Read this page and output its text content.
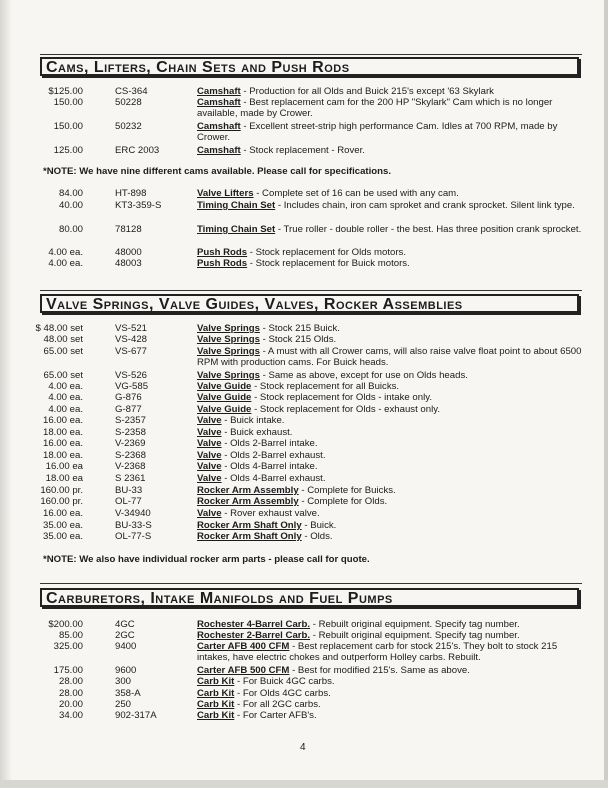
Cams, Lifters, Chain Sets and Push Rods
$125.00	CS-364	Camshaft - Production for all Olds and Buick 215's except '63 Skylark
150.00	50228	Camshaft - Best replacement cam for the 200 HP "Skylark" Cam which is no longer available, made by Crower.
150.00	50232	Camshaft - Excellent street-strip high performance Cam. Idles at 700 RPM, made by Crower.
125.00	ERC 2003	Camshaft - Stock replacement - Rover.
*NOTE: We have nine different cams available. Please call for specifications.
84.00	HT-898	Valve Lifters - Complete set of 16 can be used with any cam.
40.00	KT3-359-S	Timing Chain Set - Includes chain, iron cam sproket and crank sprocket. Silent link type.
80.00	78128	Timing Chain Set - True roller - double roller - the best. Has three position crank sprocket.
4.00 ea.	48000	Push Rods - Stock replacement for Olds motors.
4.00 ea.	48003	Push Rods - Stock replacement for Buick motors.
Valve Springs, Valve Guides, Valves, Rocker Assemblies
$ 48.00 set	VS-521	Valve Springs - Stock 215 Buick.
48.00 set	VS-428	Valve Springs - Stock 215 Olds.
65.00 set	VS-677	Valve Springs - A must with all Crower cams, will also raise valve float point to about 6500 RPM with production cams. For Buick heads.
65.00 set	VS-526	Valve Springs - Same as above, except for use on Olds heads.
4.00 ea.	VG-585	Valve Guide - Stock replacement for all Buicks.
4.00 ea.	G-876	Valve Guide - Stock replacement for Olds - intake only.
4.00 ea.	G-877	Valve Guide - Stock replacement for Olds - exhaust only.
16.00 ea.	S-2357	Valve - Buick intake.
18.00 ea.	S-2358	Valve - Buick exhaust.
16.00 ea.	V-2369	Valve - Olds 2-Barrel intake.
18.00 ea.	S-2368	Valve - Olds 2-Barrel exhaust.
16.00 ea	V-2368	Valve - Olds 4-Barrel intake.
18.00 ea	S 2361	Valve - Olds 4-Barrel exhaust.
160.00 pr.	BU-33	Rocker Arm Assembly - Complete for Buicks.
160.00 pr.	OL-77	Rocker Arm Assembly - Complete for Olds.
16.00 ea.	V-34940	Valve - Rover exhaust valve.
35.00 ea.	BU-33-S	Rocker Arm Shaft Only - Buick.
35.00 ea.	OL-77-S	Rocker Arm Shaft Only - Olds.
*NOTE: We also have individual rocker arm parts - please call for quote.
Carburetors, Intake Manifolds and Fuel Pumps
$200.00	4GC	Rochester 4-Barrel Carb. - Rebuilt original equipment. Specify tag number.
85.00	2GC	Rochester 2-Barrel Carb. - Rebuilt original equipment. Specify tag number.
325.00	9400	Carter AFB 400 CFM - Best replacement carb for stock 215's. They bolt to stock 215 intakes, have electric chokes and outperform Holley carbs. Rebuilt.
175.00	9600	Carter AFB 500 CFM - Best for modified 215's. Same as above.
28.00	300	Carb Kit - For Buick 4GC carbs.
28.00	358-A	Carb Kit - For Olds 4GC carbs.
20.00	250	Carb Kit - For all 2GC carbs.
34.00	902-317A	Carb Kit - For Carter AFB's.
4
